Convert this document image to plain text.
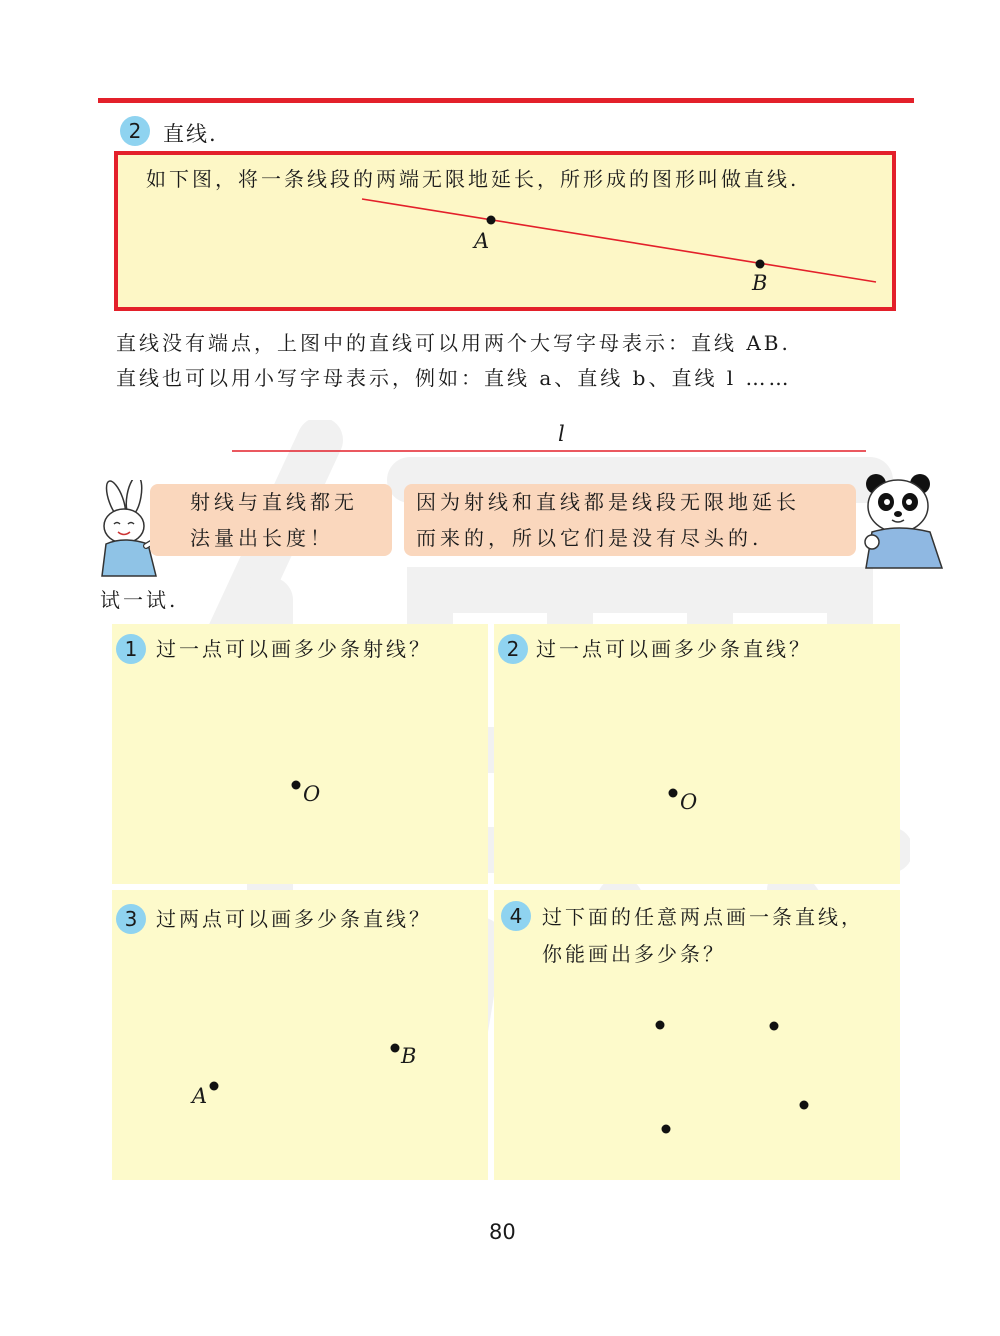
2	直线.
如下图，将一条线段的两端无限地延长，所形成的图形叫做直线.
A
B
直线没有端点，上图中的直线可以用两个大写字母表示：直线 AB.
直线也可以用小写字母表示，例如：直线 a、直线 b、直线 l ……
l
射线与直线都无
法量出长度！
因为射线和直线都是线段无限地延长
而来的，所以它们是没有尽头的.
试一试.
1 过一点可以画多少条射线？
O
2 过一点可以画多少条直线？
O
3 过两点可以画多少条直线？
B
A
4 过下面的任意两点画一条直线，
你能画出多少条？
80
